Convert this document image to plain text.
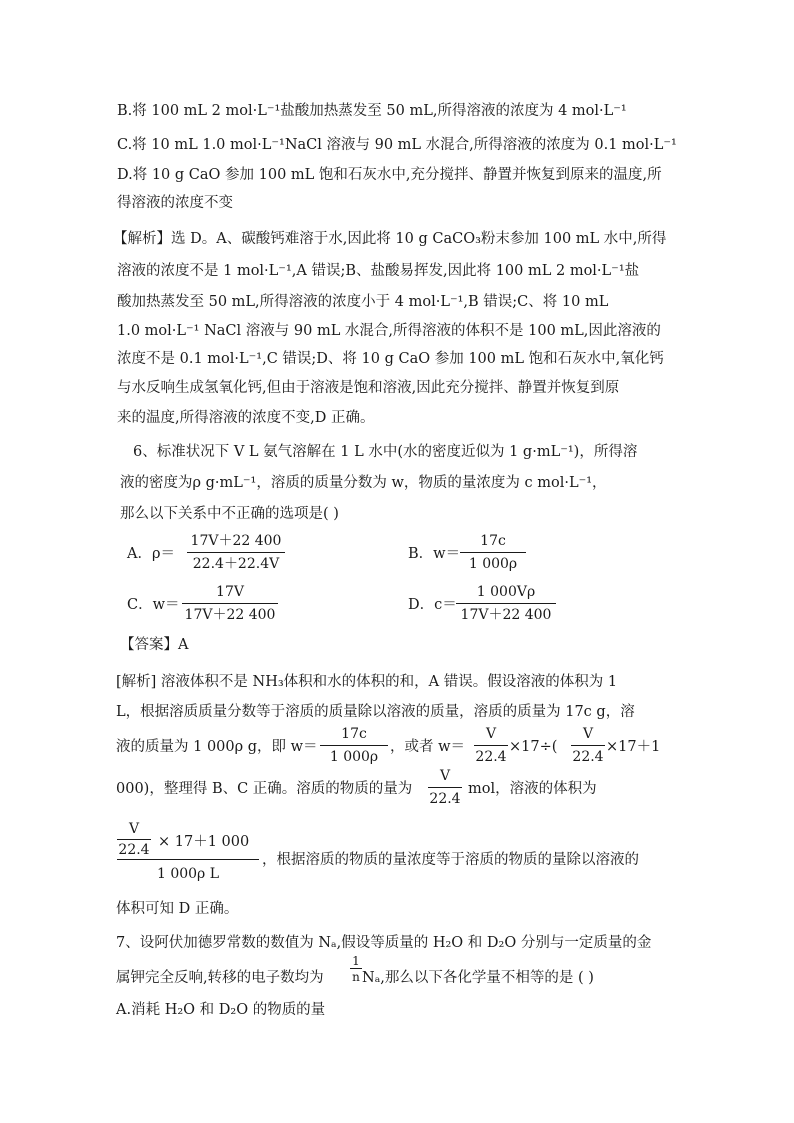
B.将 100 mL 2 mol·L⁻¹盐酸加热蒸发至 50 mL,所得溶液的浓度为 4 mol·L⁻¹
C.将 10 mL 1.0 mol·L⁻¹NaCl 溶液与 90 mL 水混合,所得溶液的浓度为 0.1 mol·L⁻¹
D.将 10 g CaO 参加 100 mL 饱和石灰水中,充分搅拌、静置并恢复到原来的温度,所
得溶液的浓度不变
【解析】选 D。A、碳酸钙难溶于水,因此将 10 g CaCO₃粉末参加 100 mL 水中,所得
溶液的浓度不是 1 mol·L⁻¹,A 错误;B、盐酸易挥发,因此将 100 mL 2 mol·L⁻¹盐
酸加热蒸发至 50 mL,所得溶液的浓度小于 4 mol·L⁻¹,B 错误;C、将 10 mL
1.0 mol·L⁻¹ NaCl 溶液与 90 mL 水混合,所得溶液的体积不是 100 mL,因此溶液的
浓度不是 0.1 mol·L⁻¹,C 错误;D、将 10 g CaO 参加 100 mL 饱和石灰水中,氧化钙
与水反响生成氢氧化钙,但由于溶液是饱和溶液,因此充分搅拌、静置并恢复到原
来的温度,所得溶液的浓度不变,D 正确。
6、标准状况下 V L 氨气溶解在 1 L 水中(水的密度近似为 1 g·mL⁻¹)，所得溶
液的密度为ρ g·mL⁻¹，溶质的质量分数为 w，物质的量浓度为 c mol·L⁻¹，
那么以下关系中不正确的选项是( )
A．ρ＝
17V＋22 400
22.4＋22.4V
B．w＝
17c
1 000ρ
C．w＝
17V
17V＋22 400
D．c＝
1 000Vρ
17V＋22 400
【答案】A
[解析] 溶液体积不是 NH₃体积和水的体积的和，A 错误。假设溶液的体积为 1
L，根据溶质质量分数等于溶质的质量除以溶液的质量，溶质的质量为 17c g，溶
液的质量为 1 000ρ g，即 w＝
17c
1 000ρ
，或者 w＝
V
22.4
×17÷(
V
22.4
×17＋1
000)，整理得 B、C 正确。溶质的物质的量为
V
22.4
mol，溶液的体积为
V
22.4 × 17＋1 000
1 000ρ L
，根据溶质的物质的量浓度等于溶质的物质的量除以溶液的
体积可知 D 正确。
7、设阿伏加德罗常数的数值为 Nₐ,假设等质量的 H₂O 和 D₂O 分别与一定质量的金
属钾完全反响,转移的电子数均为
1
n Nₐ,那么以下各化学量不相等的是 ( )
A.消耗 H₂O 和 D₂O 的物质的量
